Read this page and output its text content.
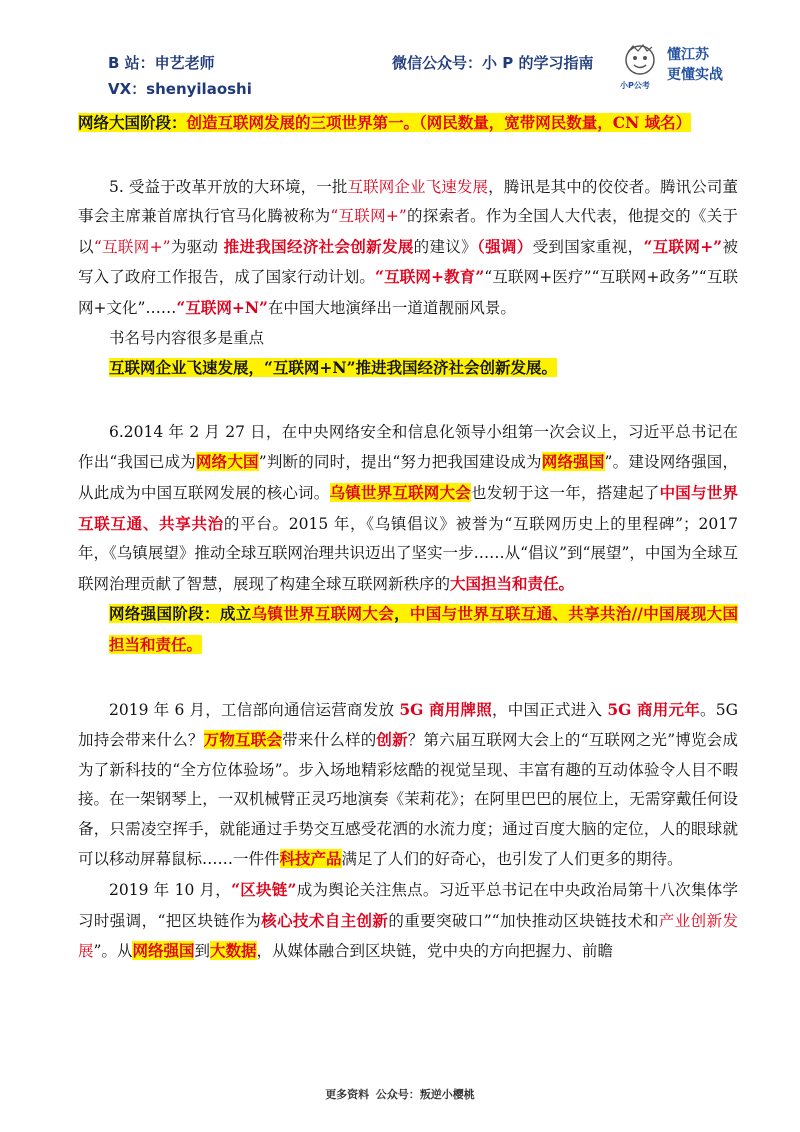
B 站：申艺老师
VX：shenyilaoshi
微信公众号：小 P 的学习指南	懂江苏
更懂实战
小P公考

网络大国阶段：创造互联网发展的三项世界第一。（网民数量，宽带网民数量，CN 域名）

5. 受益于改革开放的大环境，一批互联网企业飞速发展，腾讯是其中的佼佼者。腾讯公司董事会主席兼首席执行官马化腾被称为“互联网+”的探索者。作为全国人大代表，他提交的《关于以“互联网+”为驱动 推进我国经济社会创新发展的建议》（强调）受到国家重视，“互联网+”被写入了政府工作报告，成了国家行动计划。“互联网+教育”“互联网+医疗”“互联网+政务”“互联网+文化”……“互联网+N”在中国大地演绎出一道道靓丽风景。

书名号内容很多是重点

互联网企业飞速发展，“互联网+N”推进我国经济社会创新发展。

6.2014 年 2 月 27 日，在中央网络安全和信息化领导小组第一次会议上，习近平总书记在作出“我国已成为网络大国”判断的同时，提出“努力把我国建设成为网络强国”。建设网络强国，从此成为中国互联网发展的核心词。乌镇世界互联网大会也发轫于这一年，搭建起了中国与世界互联互通、共享共治的平台。2015 年，《乌镇倡议》被誉为“互联网历史上的里程碑”；2017 年，《乌镇展望》推动全球互联网治理共识迈出了坚实一步……从“倡议”到“展望”，中国为全球互联网治理贡献了智慧，展现了构建全球互联网新秩序的大国担当和责任。

网络强国阶段：成立乌镇世界互联网大会，中国与世界互联互通、共享共治//中国展现大国担当和责任。

2019 年 6 月，工信部向通信运营商发放 5G 商用牌照，中国正式进入 5G 商用元年。5G 加持会带来什么？万物互联会带来什么样的创新？第六届互联网大会上的“互联网之光”博览会成为了新科技的“全方位体验场”。步入场地精彩炫酷的视觉呈现、丰富有趣的互动体验令人目不暇接。在一架钢琴上，一双机械臂正灵巧地演奏《茉莉花》；在阿里巴巴的展位上，无需穿戴任何设备，只需凌空挥手，就能通过手势交互感受花洒的水流力度；通过百度大脑的定位，人的眼球就可以移动屏幕鼠标……一件件科技产品满足了人们的好奇心，也引发了人们更多的期待。

2019 年 10 月，“区块链”成为舆论关注焦点。习近平总书记在中央政治局第十八次集体学习时强调，“把区块链作为核心技术自主创新的重要突破口”“加快推动区块链技术和产业创新发展”。从网络强国到大数据，从媒体融合到区块链，党中央的方向把握力、前瞻

更多资料 公众号：叛逆小樱桃
